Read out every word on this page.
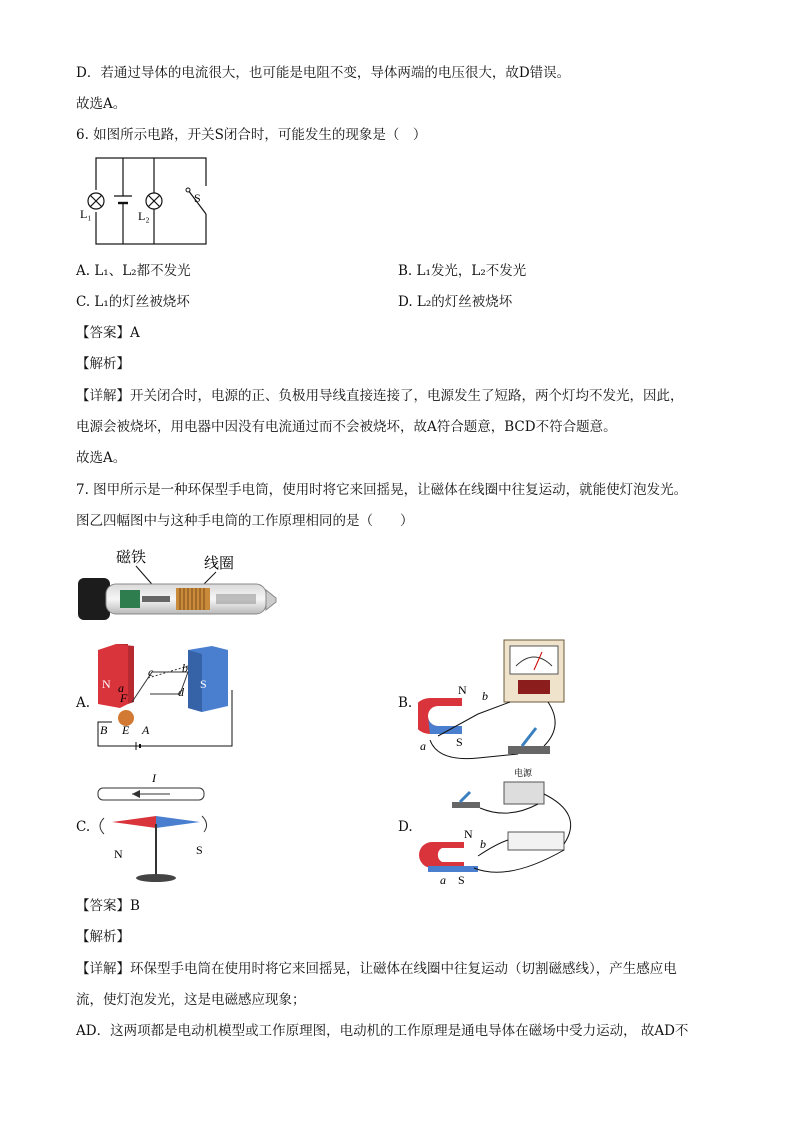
D．若通过导体的电流很大，也可能是电阻不变，导体两端的电压很大，故D错误。
故选A。
6. 如图所示电路，开关S闭合时，可能发生的现象是（　）
L₁	L₂
S
A. L₁、L₂都不发光	B. L₁发光，L₂不发光
C. L₁的灯丝被烧坏	D. L₂的灯丝被烧坏
【答案】A
【解析】
【详解】开关闭合时，电源的正、负极用导线直接连接了，电源发生了短路，两个灯均不发光，因此，
电源会被烧坏，用电器中因没有电流通过而不会被烧坏，故A符合题意，BCD不符合题意。
故选A。
7. 图甲所示是一种环保型手电筒，使用时将它来回摇晃，让磁体在线圈中往复运动，就能使灯泡发光。
图乙四幅图中与这种手电筒的工作原理相同的是（　　）
磁铁	线圈
A.
N	S
c b
a	d
F
B E A
B.
N
S
b
a
C.
I
N	S
D.
电源
N
S
b
a
【答案】B
【解析】
【详解】环保型手电筒在使用时将它来回摇晃，让磁体在线圈中往复运动（切割磁感线），产生感应电
流，使灯泡发光，这是电磁感应现象；
AD．这两项都是电动机模型或工作原理图，电动机的工作原理是通电导体在磁场中受力运动， 故AD不
